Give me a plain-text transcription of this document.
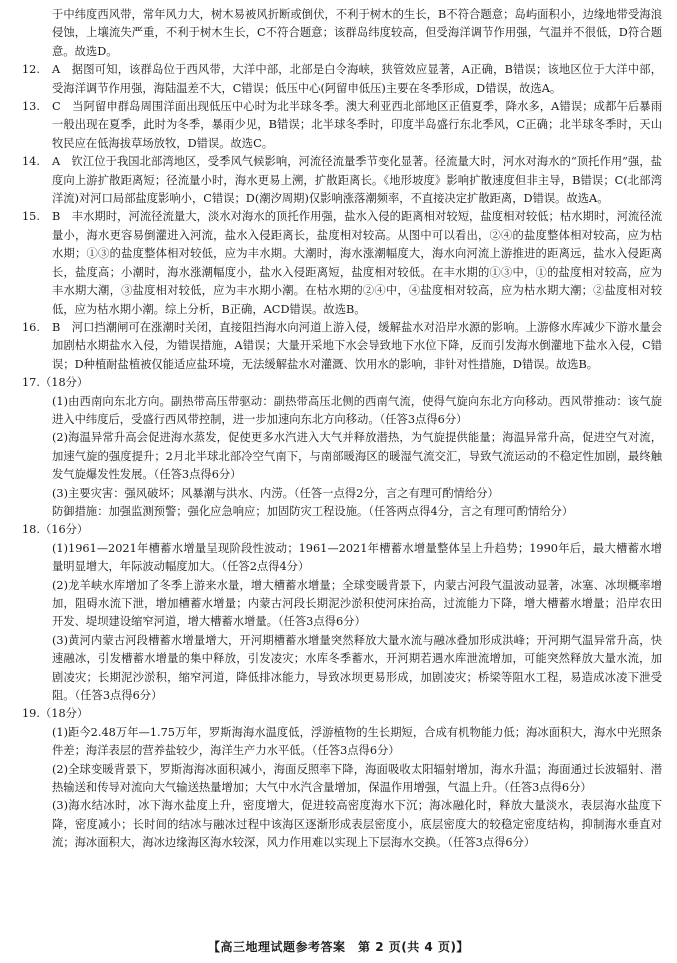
于中纬度西风带，常年风力大，树木易被风折断或倒伏，不利于树木的生长，B不符合题意；岛屿面积小，边缘地带受海浪侵蚀，上壤流失严重，不利于树木生长，C不符合题意；该群岛纬度较高，但受海洋调节作用强，气温并不很低，D符合题意。故选D。

12.	A　据图可知，该群岛位于西风带，大洋中部，北部是白令海峡，狭管效应显著，A正确，B错误；该地区位于大洋中部，受海洋调节作用强，海陆温差不大，C错误；低压中心(阿留申低压)主要在冬季形成，D错误，故选A。

13.	C　当阿留申群岛周围洋面出现低压中心时为北半球冬季。澳大利亚西北部地区正值夏季，降水多，A错误；成都午后暴雨一般出现在夏季，此时为冬季，暴雨少见，B错误；北半球冬季时，印度半岛盛行东北季风，C正确；北半球冬季时，天山牧民应在低海拔草场放牧，D错误。故选C。

14.	A　钦江位于我国北部湾地区，受季风气候影响，河流径流量季节变化显著。径流量大时，河水对海水的“顶托作用”强，盐度向上游扩散距离短；径流量小时，海水更易上溯，扩散距离长。《地形坡度》影响扩散速度但非主导，B错误；C(北部湾洋流)对河口局部盐度影响小，C错误；D(潮汐周期)仅影响涨落潮频率，不直接决定扩散距离，D错误。故选A。

15.	B　丰水期时，河流径流量大，淡水对海水的顶托作用强，盐水入侵的距离相对较短，盐度相对较低；枯水期时，河流径流量小，海水更容易倒灌进入河流，盐水入侵距离长，盐度相对较高。从图中可以看出，②④的盐度整体相对较高，应为枯水期；①③的盐度整体相对较低，应为丰水期。大潮时，海水涨潮幅度大，海水向河流上游推进的距离远，盐水入侵距离长，盐度高；小潮时，海水涨潮幅度小，盐水入侵距离短，盐度相对较低。在丰水期的①③中，①的盐度相对较高，应为丰水期大潮，③盐度相对较低，应为丰水期小潮。在枯水期的②④中，④盐度相对较高，应为枯水期大潮；②盐度相对较低，应为枯水期小潮。综上分析，B正确，ACD错误。故选B。

16.	B　河口挡潮闸可在涨潮时关闭，直接阻挡海水向河道上游入侵，缓解盐水对沿岸水源的影响。上游修水库减少下游水量会加剧枯水期盐水入侵，为错误措施，A错误；大量开采地下水会导致地下水位下降，反而引发海水倒灌地下盐水入侵，C错误；D种植耐盐植被仅能适应盐环境，无法缓解盐水对灌溉、饮用水的影响，非针对性措施，D错误。故选B。

17.（18分）

(1)由西南向东北方向。副热带高压带驱动：副热带高压北侧的西南气流，使得气旋向东北方向移动。西风带推动：该气旋进入中纬度后，受盛行西风带控制，进一步加速向东北方向移动。（任答3点得6分）

(2)海温异常升高会促进海水蒸发，促使更多水汽进入大气并释放潜热，为气旋提供能量；海温异常升高，促进空气对流，加速气旋的强度提升；2月北半球北部冷空气南下，与南部暖海区的暖湿气流交汇，导致气流运动的不稳定性加剧，最终触发气旋爆发性发展。（任答3点得6分）

(3)主要灾害：强风破坏；风暴潮与洪水、内涝。（任答一点得2分，言之有理可酌情给分）

防御措施：加强监测预警；强化应急响应；加固防灾工程设施。（任答两点得4分，言之有理可酌情给分）

18.（16分）

(1)1961—2021年槽蓄水增量呈现阶段性波动；1961—2021年槽蓄水增量整体呈上升趋势；1990年后，最大槽蓄水增量明显增大，年际波动幅度加大。（任答2点得4分）

(2)龙羊峡水库增加了冬季上游来水量，增大槽蓄水增量；全球变暖背景下，内蒙古河段气温波动显著，冰塞、冰坝概率增加，阻碍水流下泄，增加槽蓄水增量；内蒙古河段长期泥沙淤积使河床抬高，过流能力下降，增大槽蓄水增量；沿岸农田开发、堤坝建设缩窄河道，增大槽蓄水增量。（任答3点得6分）

(3)黄河内蒙古河段槽蓄水增量增大，开河期槽蓄水增量突然释放大量水流与融冰叠加形成洪峰；开河期气温异常升高，快速融冰，引发槽蓄水增量的集中释放，引发凌灾；水库冬季蓄水，开河期若遇水库泄流增加，可能突然释放大量水流，加剧凌灾；长期泥沙淤积，缩窄河道，降低排冰能力，导致冰坝更易形成，加剧凌灾；桥梁等阻水工程，易造成冰凌下泄受阻。（任答3点得6分）

19.（18分）

(1)距今2.48万年—1.75万年，罗斯海海水温度低，浮游植物的生长期短，合成有机物能力低；海冰面积大，海水中光照条件差；海洋表层的营养盐较少，海洋生产力水平低。（任答3点得6分）

(2)全球变暖背景下，罗斯海海冰面积减小，海面反照率下降，海面吸收太阳辐射增加，海水升温；海面通过长波辐射、潜热输送和传导对流向大气输送热量增加；大气中水汽含量增加，保温作用增强，气温上升。（任答3点得6分）

(3)海水结冰时，冰下海水盐度上升，密度增大，促进较高密度海水下沉；海冰融化时，释放大量淡水，表层海水盐度下降，密度减小；长时间的结冰与融冰过程中该海区逐渐形成表层密度小，底层密度大的较稳定密度结构，抑制海水垂直对流；海冰面积大，海冰边缘海区海水较深，风力作用难以实现上下层海水交换。（任答3点得6分）

【高三地理试题参考答案　第 2 页(共 4 页)】
